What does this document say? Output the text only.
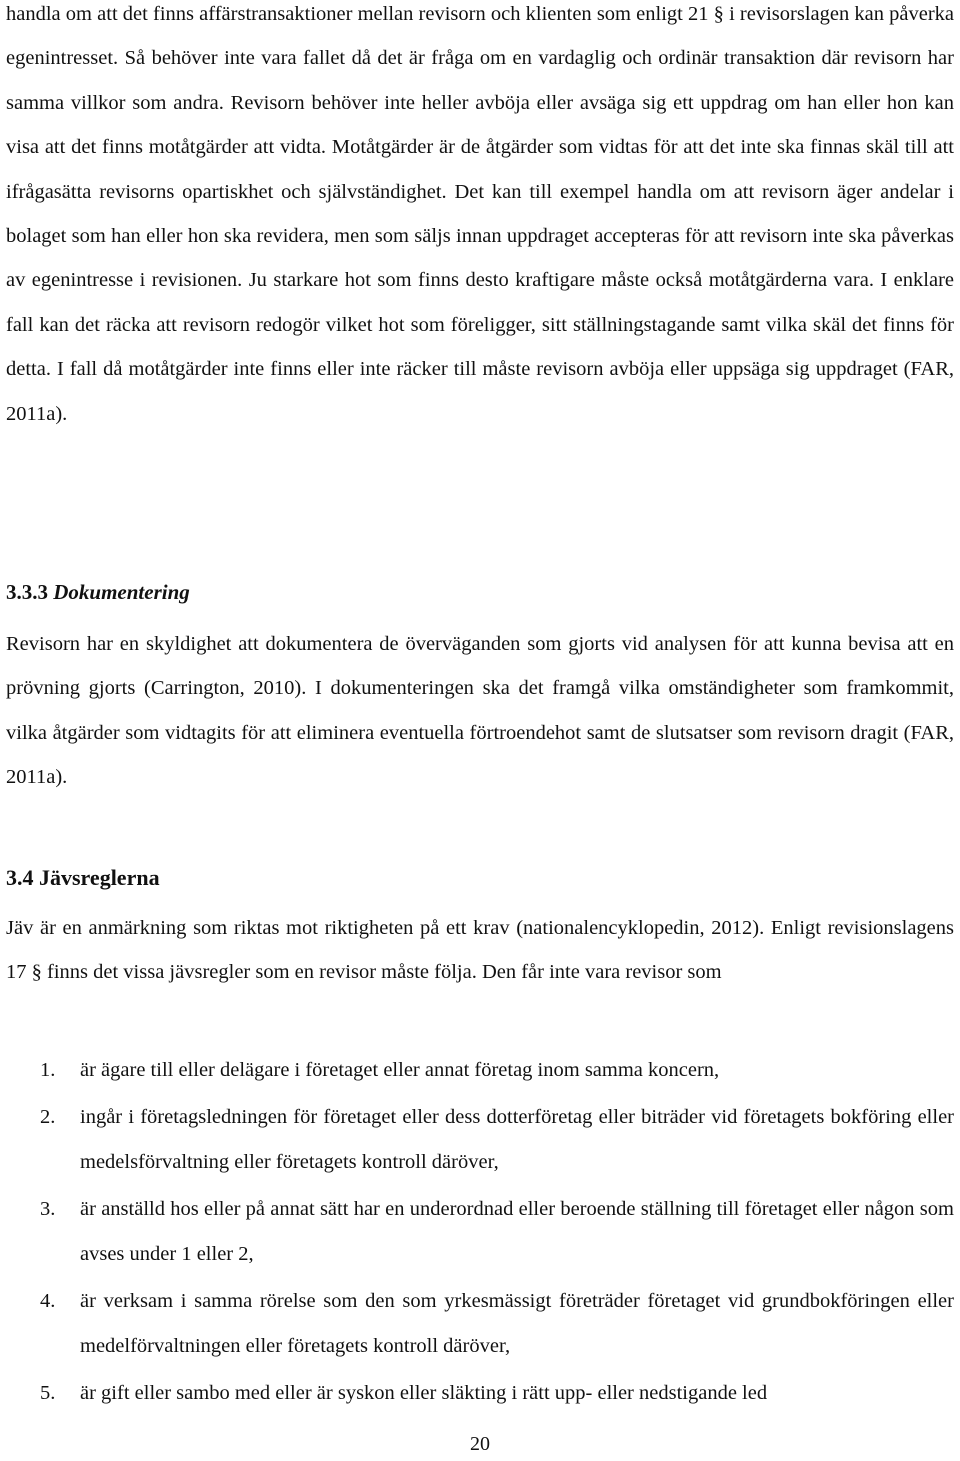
handla om att det finns affärstransaktioner mellan revisorn och klienten som enligt 21 § i revisorslagen kan påverka egenintresset. Så behöver inte vara fallet då det är fråga om en vardaglig och ordinär transaktion där revisorn har samma villkor som andra. Revisorn behöver inte heller avböja eller avsäga sig ett uppdrag om han eller hon kan visa att det finns motåtgärder att vidta. Motåtgärder är de åtgärder som vidtas för att det inte ska finnas skäl till att ifrågasätta revisorns opartiskhet och självständighet. Det kan till exempel handla om att revisorn äger andelar i bolaget som han eller hon ska revidera, men som säljs innan uppdraget accepteras för att revisorn inte ska påverkas av egenintresse i revisionen. Ju starkare hot som finns desto kraftigare måste också motåtgärderna vara. I enklare fall kan det räcka att revisorn redogör vilket hot som föreligger, sitt ställningstagande samt vilka skäl det finns för detta. I fall då motåtgärder inte finns eller inte räcker till måste revisorn avböja eller uppsäga sig uppdraget (FAR, 2011a).

3.3.3 Dokumentering

Revisorn har en skyldighet att dokumentera de överväganden som gjorts vid analysen för att kunna bevisa att en prövning gjorts (Carrington, 2010). I dokumenteringen ska det framgå vilka omständigheter som framkommit, vilka åtgärder som vidtagits för att eliminera eventuella förtroendehot samt de slutsatser som revisorn dragit (FAR, 2011a).

3.4 Jävsreglerna

Jäv är en anmärkning som riktas mot riktigheten på ett krav (nationalencyklopedin, 2012). Enligt revisionslagens 17 § finns det vissa jävsregler som en revisor måste följa. Den får inte vara revisor som

1. är ägare till eller delägare i företaget eller annat företag inom samma koncern,
2. ingår i företagsledningen för företaget eller dess dotterföretag eller biträder vid företagets bokföring eller medelsförvaltning eller företagets kontroll däröver,
3. är anställd hos eller på annat sätt har en underordnad eller beroende ställning till företaget eller någon som avses under 1 eller 2,
4. är verksam i samma rörelse som den som yrkesmässigt företräder företaget vid grundbokföringen eller medelförvaltningen eller företagets kontroll däröver,
5. är gift eller sambo med eller är syskon eller släkting i rätt upp- eller nedstigande led
20
